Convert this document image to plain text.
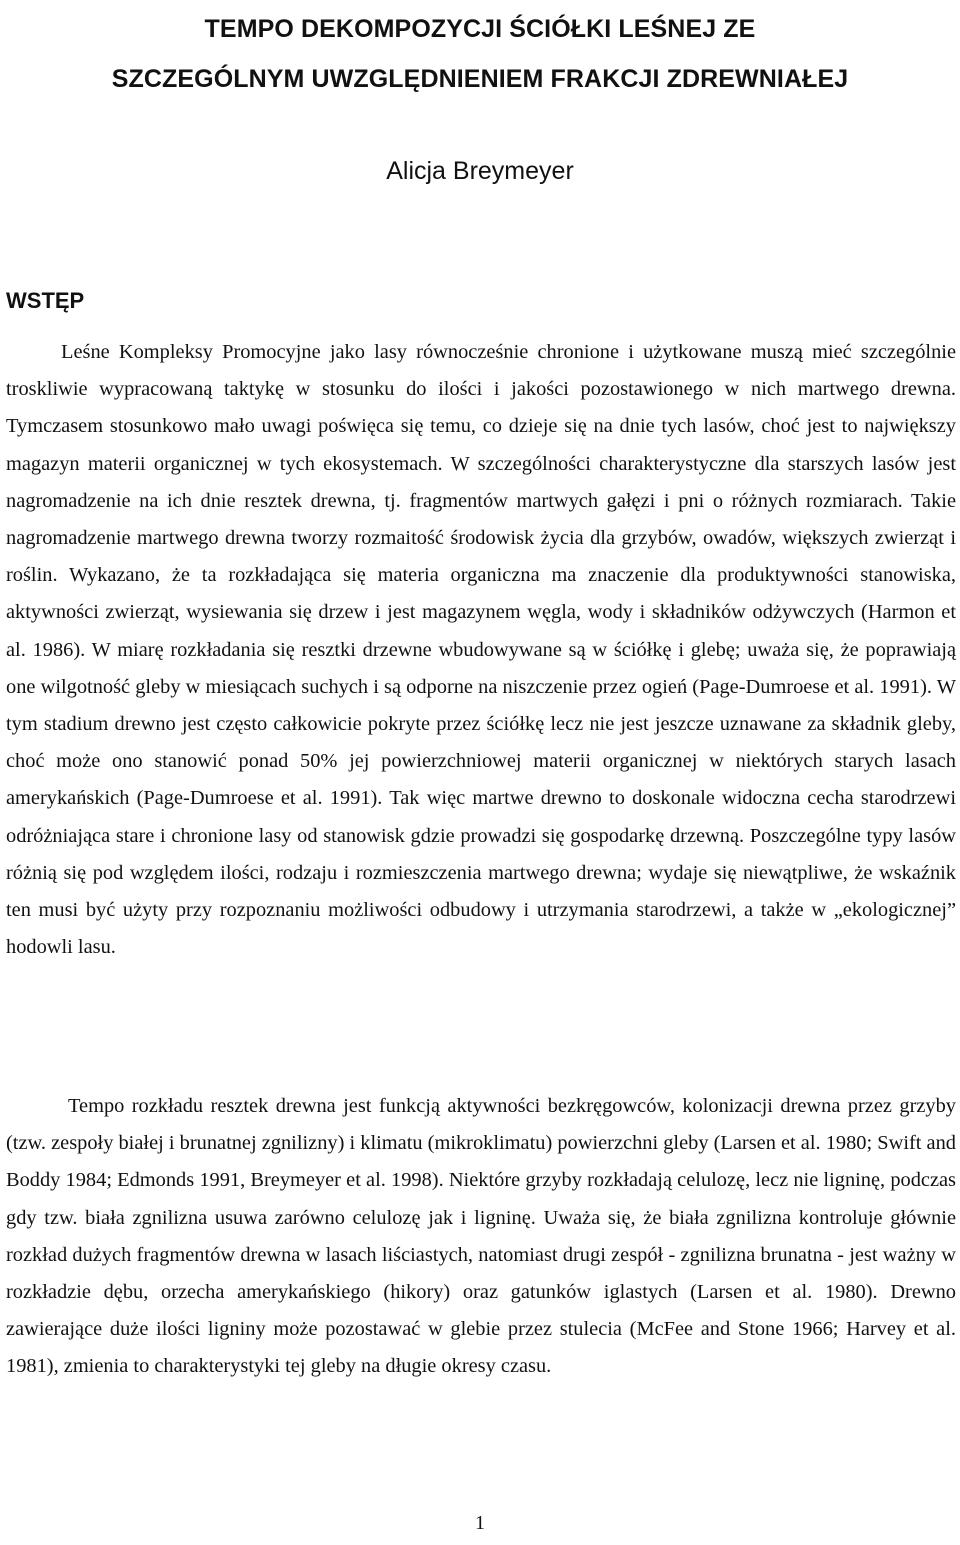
TEMPO DEKOMPOZYCJI ŚCIÓŁKI LEŚNEJ ZE
SZCZEGÓLNYM UWZGLĘDNIENIEM FRAKCJI ZDREWNIAŁEJ
Alicja Breymeyer
WSTĘP

Leśne Kompleksy Promocyjne jako lasy równocześnie chronione i użytkowane muszą mieć szczególnie troskliwie wypracowaną taktykę w stosunku do ilości i jakości pozostawionego w nich martwego drewna. Tymczasem stosunkowo mało uwagi poświęca się temu, co dzieje się na dnie tych lasów, choć jest to największy magazyn materii organicznej w tych ekosystemach. W szczególności charakterystyczne dla starszych lasów jest nagromadzenie na ich dnie resztek drewna, tj. fragmentów martwych gałęzi i pni o różnych rozmiarach. Takie nagromadzenie martwego drewna tworzy rozmaitość środowisk życia dla grzybów, owadów, większych zwierząt i roślin. Wykazano, że ta rozkładająca się materia organiczna ma znaczenie dla produktywności stanowiska, aktywności zwierząt, wysiewania się drzew i jest magazynem węgla, wody i składników odżywczych (Harmon et al. 1986). W miarę rozkładania się resztki drzewne wbudowywane są w ściółkę i glebę; uważa się, że poprawiają one wilgotność gleby w miesiącach suchych i są odporne na niszczenie przez ogień (Page-Dumroese et al. 1991). W tym stadium drewno jest często całkowicie pokryte przez ściółkę lecz nie jest jeszcze uznawane za składnik gleby, choć może ono stanowić ponad 50% jej powierzchniowej materii organicznej w niektórych starych lasach amerykańskich (Page-Dumroese et al. 1991). Tak więc martwe drewno to doskonale widoczna cecha starodrzewi odróżniająca stare i chronione lasy od stanowisk gdzie prowadzi się gospodarkę drzewną. Poszczególne typy lasów różnią się pod względem ilości, rodzaju i rozmieszczenia martwego drewna; wydaje się niewątpliwe, że wskaźnik ten musi być użyty przy rozpoznaniu możliwości odbudowy i utrzymania starodrzewi, a także w „ekologicznej” hodowli lasu.

Tempo rozkładu resztek drewna jest funkcją aktywności bezkręgowców, kolonizacji drewna przez grzyby (tzw. zespoły białej i brunatnej zgnilizny) i klimatu (mikroklimatu) powierzchni gleby (Larsen et al. 1980; Swift and Boddy 1984; Edmonds 1991, Breymeyer et al. 1998). Niektóre grzyby rozkładają celulozę, lecz nie ligninę, podczas gdy tzw. biała zgnilizna usuwa zarówno celulozę jak i ligninę. Uważa się, że biała zgnilizna kontroluje głównie rozkład dużych fragmentów drewna w lasach liściastych, natomiast drugi zespół - zgnilizna brunatna - jest ważny w rozkładzie dębu, orzecha amerykańskiego (hikory) oraz gatunków iglastych (Larsen et al. 1980). Drewno zawierające duże ilości ligniny może pozostawać w glebie przez stulecia (McFee and Stone 1966; Harvey et al. 1981), zmienia to charakterystyki tej gleby na długie okresy czasu.

1
